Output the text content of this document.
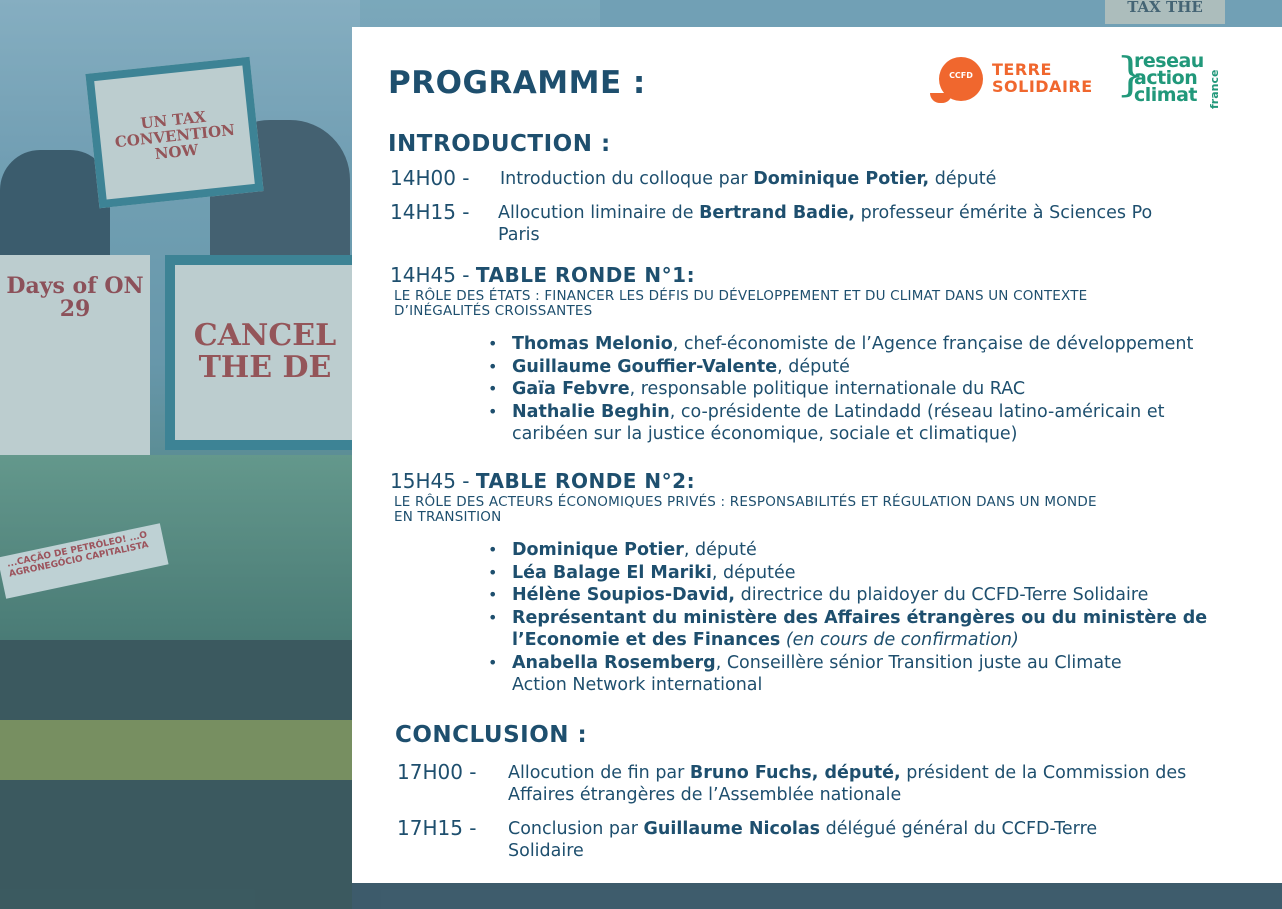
UN TAX CONVENTION NOW
CANCEL THE DE
Days of ON 29
TAX THE
...CAÇÃO DE PETRÓLEO! ...O AGRONEGÓCIO CAPITALISTA
PROGRAMME :	CCFD	TERRE
SOLIDAIRE }
reseau
action
climat france
INTRODUCTION :
14H00 - Introduction du colloque par Dominique Potier, député
14H15 - Allocution liminaire de Bertrand Badie, professeur émérite à Sciences Po
Paris
14H45 - TABLE RONDE N°1:
LE RÔLE DES ÉTATS : FINANCER LES DÉFIS DU DÉVELOPPEMENT ET DU CLIMAT DANS UN CONTEXTE
D’INÉGALITÉS CROISSANTES
• Thomas Melonio, chef-économiste de l’Agence française de développement
• Guillaume Gouffier-Valente, député
• Gaïa Febvre, responsable politique internationale du RAC
• Nathalie Beghin, co-présidente de Latindadd (réseau latino-américain et
caribéen sur la justice économique, sociale et climatique)
15H45 - TABLE RONDE N°2:
LE RÔLE DES ACTEURS ÉCONOMIQUES PRIVÉS : RESPONSABILITÉS ET RÉGULATION DANS UN MONDE
EN TRANSITION
• Dominique Potier, député
• Léa Balage El Mariki, députée
• Hélène Soupios-David, directrice du plaidoyer du CCFD-Terre Solidaire
• Représentant du ministère des Affaires étrangères ou du ministère de
l’Economie et des Finances (en cours de confirmation)
• Anabella Rosemberg, Conseillère sénior Transition juste au Climate
Action Network international
CONCLUSION :
17H00 - Allocution de fin par Bruno Fuchs, député, président de la Commission des
Affaires étrangères de l’Assemblée nationale
17H15 - Conclusion par Guillaume Nicolas délégué général du CCFD-Terre
Solidaire
